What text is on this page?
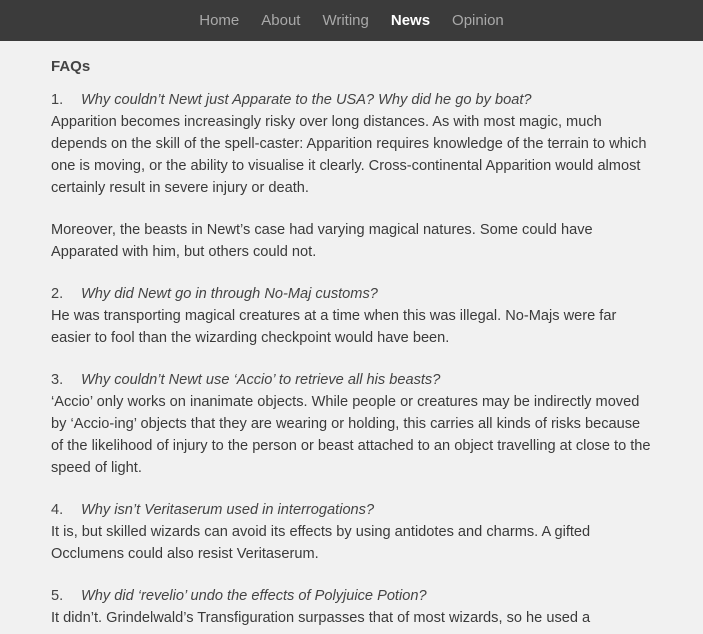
Home	About	Writing	News	Opinion
FAQs
1. Why couldn’t Newt just Apparate to the USA? Why did he go by boat?
Apparition becomes increasingly risky over long distances. As with most magic, much depends on the skill of the spell-caster: Apparition requires knowledge of the terrain to which one is moving, or the ability to visualise it clearly. Cross-continental Apparition would almost certainly result in severe injury or death.
Moreover, the beasts in Newt’s case had varying magical natures. Some could have Apparated with him, but others could not.
2. Why did Newt go in through No-Maj customs?
He was transporting magical creatures at a time when this was illegal. No-Majs were far easier to fool than the wizarding checkpoint would have been.
3. Why couldn’t Newt use ‘Accio’ to retrieve all his beasts?
‘Accio’ only works on inanimate objects. While people or creatures may be indirectly moved by ‘Accio-ing’ objects that they are wearing or holding, this carries all kinds of risks because of the likelihood of injury to the person or beast attached to an object travelling at close to the speed of light.
4. Why isn’t Veritaserum used in interrogations?
It is, but skilled wizards can avoid its effects by using antidotes and charms. A gifted Occlumens could also resist Veritaserum.
5. Why did ‘revelio’ undo the effects of Polyjuice Potion?
It didn’t. Grindelwald’s Transfiguration surpasses that of most wizards, so he used a
